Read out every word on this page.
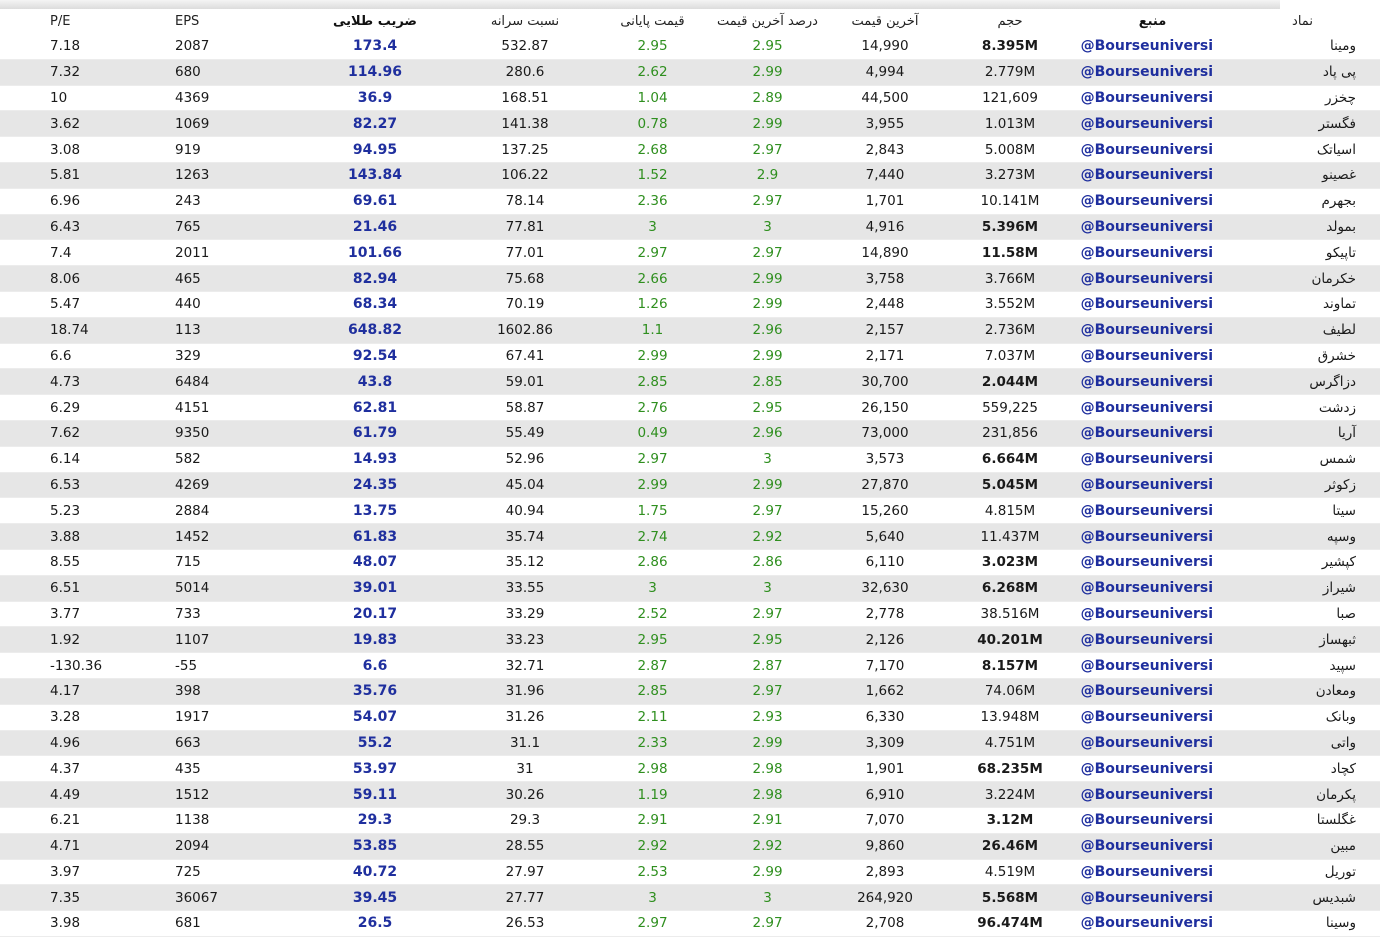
P/E	EPS	ضریب طلایی	نسبت سرانه	قیمت پایانی	درصد آخرین قیمت	آخرین قیمت	حجم	منبع	نماد
7.18	2087	173.4	532.87	2.95	2.95	14,990	8.395M	@Bourseuniversi	ومینا
7.32	680	114.96	280.6	2.62	2.99	4,994	2.779M	@Bourseuniversi	پی پاد
10	4369	36.9	168.51	1.04	2.89	44,500	121,609	@Bourseuniversi	چخزر
3.62	1069	82.27	141.38	0.78	2.99	3,955	1.013M	@Bourseuniversi	فگستر
3.08	919	94.95	137.25	2.68	2.97	2,843	5.008M	@Bourseuniversi	اسیاتک
5.81	1263	143.84	106.22	1.52	2.9	7,440	3.273M	@Bourseuniversi	غصینو
6.96	243	69.61	78.14	2.36	2.97	1,701	10.141M	@Bourseuniversi	بجهرم
6.43	765	21.46	77.81	3	3	4,916	5.396M	@Bourseuniversi	بمولد
7.4	2011	101.66	77.01	2.97	2.97	14,890	11.58M	@Bourseuniversi	تاپیکو
8.06	465	82.94	75.68	2.66	2.99	3,758	3.766M	@Bourseuniversi	خکرمان
5.47	440	68.34	70.19	1.26	2.99	2,448	3.552M	@Bourseuniversi	تماوند
18.74	113	648.82	1602.86	1.1	2.96	2,157	2.736M	@Bourseuniversi	لطیف
6.6	329	92.54	67.41	2.99	2.99	2,171	7.037M	@Bourseuniversi	خشرق
4.73	6484	43.8	59.01	2.85	2.85	30,700	2.044M	@Bourseuniversi	دزاگرس
6.29	4151	62.81	58.87	2.76	2.95	26,150	559,225	@Bourseuniversi	زدشت
7.62	9350	61.79	55.49	0.49	2.96	73,000	231,856	@Bourseuniversi	آریا
6.14	582	14.93	52.96	2.97	3	3,573	6.664M	@Bourseuniversi	شمس
6.53	4269	24.35	45.04	2.99	2.99	27,870	5.045M	@Bourseuniversi	زکوثر
5.23	2884	13.75	40.94	1.75	2.97	15,260	4.815M	@Bourseuniversi	سیتا
3.88	1452	61.83	35.74	2.74	2.92	5,640	11.437M	@Bourseuniversi	وسپه
8.55	715	48.07	35.12	2.86	2.86	6,110	3.023M	@Bourseuniversi	کپشیر
6.51	5014	39.01	33.55	3	3	32,630	6.268M	@Bourseuniversi	شیراز
3.77	733	20.17	33.29	2.52	2.97	2,778	38.516M	@Bourseuniversi	صبا
1.92	1107	19.83	33.23	2.95	2.95	2,126	40.201M	@Bourseuniversi	ثبهساز
-130.36	-55	6.6	32.71	2.87	2.87	7,170	8.157M	@Bourseuniversi	سپید
4.17	398	35.76	31.96	2.85	2.97	1,662	74.06M	@Bourseuniversi	ومعادن
3.28	1917	54.07	31.26	2.11	2.93	6,330	13.948M	@Bourseuniversi	وبانک
4.96	663	55.2	31.1	2.33	2.99	3,309	4.751M	@Bourseuniversi	واتی
4.37	435	53.97	31	2.98	2.98	1,901	68.235M	@Bourseuniversi	کچاد
4.49	1512	59.11	30.26	1.19	2.98	6,910	3.224M	@Bourseuniversi	پکرمان
6.21	1138	29.3	29.3	2.91	2.91	7,070	3.12M	@Bourseuniversi	غگلستا
4.71	2094	53.85	28.55	2.92	2.92	9,860	26.46M	@Bourseuniversi	مبین
3.97	725	40.72	27.97	2.53	2.99	2,893	4.519M	@Bourseuniversi	توریل
7.35	36067	39.45	27.77	3	3	264,920	5.568M	@Bourseuniversi	شبدیس
3.98	681	26.5	26.53	2.97	2.97	2,708	96.474M	@Bourseuniversi	وسینا
